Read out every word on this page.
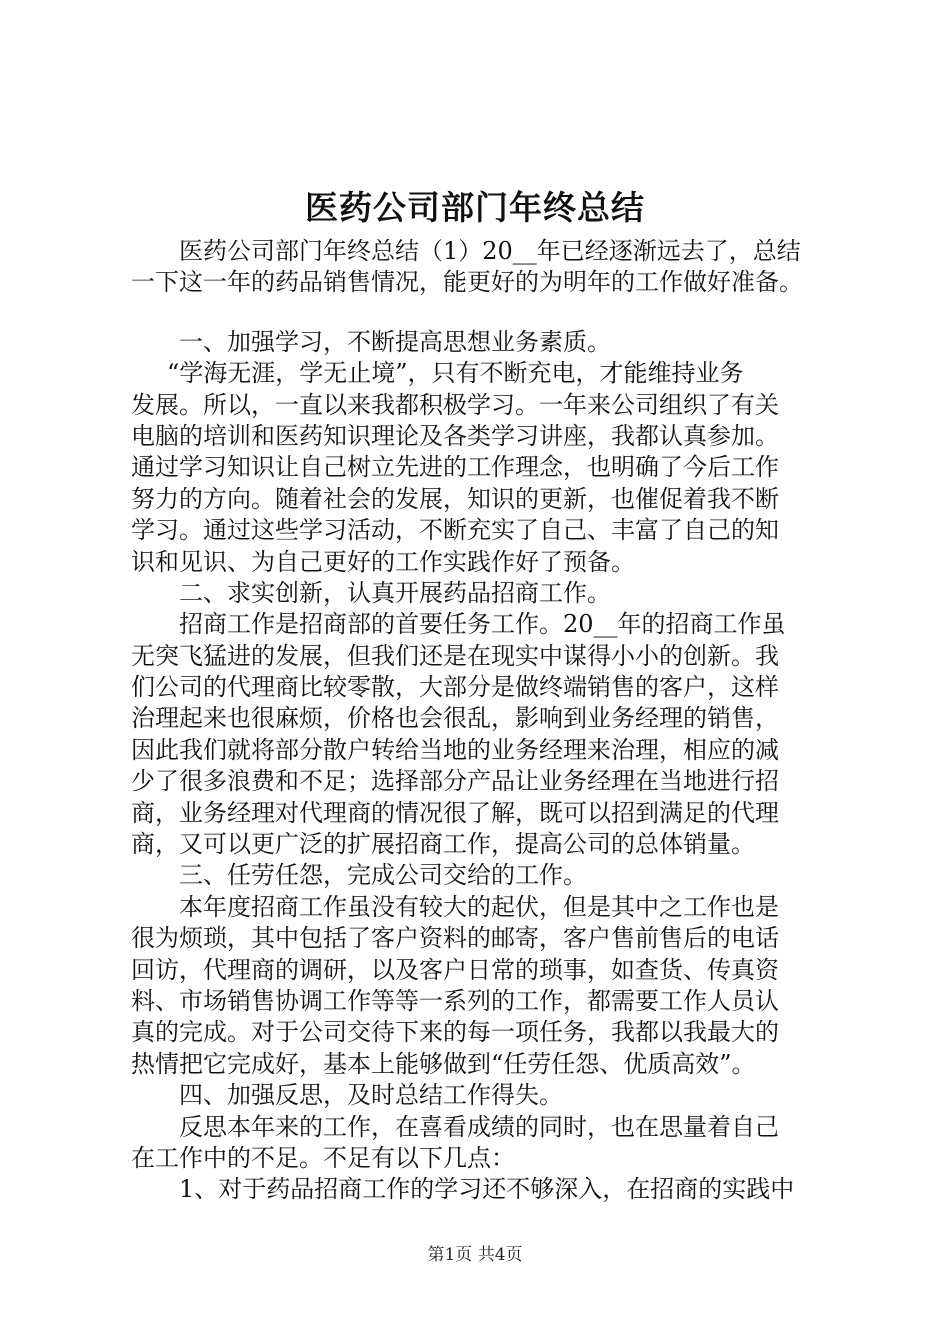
医药公司部门年终总结
医药公司部门年终总结（1）20__年已经逐渐远去了，总结
一下这一年的药品销售情况，能更好的为明年的工作做好准备。
一、加强学习，不断提高思想业务素质。
“学海无涯，学无止境”，只有不断充电，才能维持业务
发展。所以，一直以来我都积极学习。一年来公司组织了有关
电脑的培训和医药知识理论及各类学习讲座，我都认真参加。
通过学习知识让自己树立先进的工作理念，也明确了今后工作
努力的方向。随着社会的发展，知识的更新，也催促着我不断
学习。通过这些学习活动，不断充实了自己、丰富了自己的知
识和见识、为自己更好的工作实践作好了预备。
二、求实创新，认真开展药品招商工作。
招商工作是招商部的首要任务工作。20__年的招商工作虽
无突飞猛进的发展，但我们还是在现实中谋得小小的创新。我
们公司的代理商比较零散，大部分是做终端销售的客户，这样
治理起来也很麻烦，价格也会很乱，影响到业务经理的销售，
因此我们就将部分散户转给当地的业务经理来治理，相应的减
少了很多浪费和不足；选择部分产品让业务经理在当地进行招
商，业务经理对代理商的情况很了解，既可以招到满足的代理
商，又可以更广泛的扩展招商工作，提高公司的总体销量。
三、任劳任怨，完成公司交给的工作。
本年度招商工作虽没有较大的起伏，但是其中之工作也是
很为烦琐，其中包括了客户资料的邮寄，客户售前售后的电话
回访，代理商的调研，以及客户日常的琐事，如查货、传真资
料、市场销售协调工作等等一系列的工作，都需要工作人员认
真的完成。对于公司交待下来的每一项任务，我都以我最大的
热情把它完成好，基本上能够做到“任劳任怨、优质高效”。
四、加强反思，及时总结工作得失。
反思本年来的工作，在喜看成绩的同时，也在思量着自己
在工作中的不足。不足有以下几点：
1、对于药品招商工作的学习还不够深入，在招商的实践中
第1页 共4页
